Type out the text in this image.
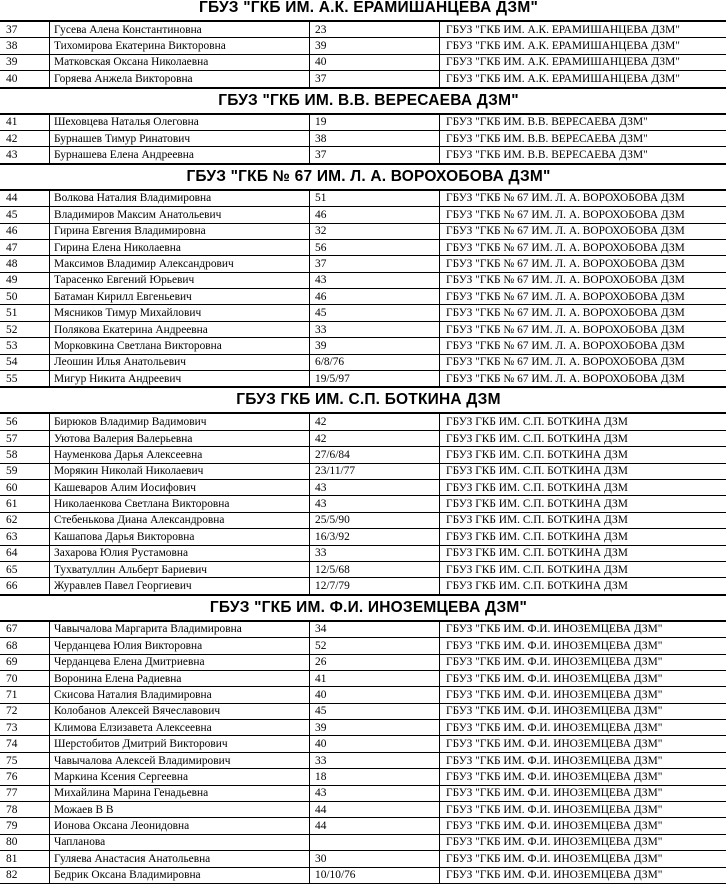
ГБУЗ "ГКБ ИМ. А.К. ЕРАМИШАНЦЕВА ДЗМ"			
37	Гусева Алена Константиновна	23	ГБУЗ "ГКБ ИМ. А.К. ЕРАМИШАНЦЕВА ДЗМ"
38	Тихомирова Екатерина Викторовна	39	ГБУЗ "ГКБ ИМ. А.К. ЕРАМИШАНЦЕВА ДЗМ"
39	Матковская Оксана Николаевна	40	ГБУЗ "ГКБ ИМ. А.К. ЕРАМИШАНЦЕВА ДЗМ"
40	Горяева Анжела Викторовна	37	ГБУЗ "ГКБ ИМ. А.К. ЕРАМИШАНЦЕВА ДЗМ"
ГБУЗ "ГКБ ИМ. В.В. ВЕРЕСАЕВА ДЗМ"			
41	Шеховцева Наталья Олеговна	19	ГБУЗ "ГКБ ИМ. В.В. ВЕРЕСАЕВА ДЗМ"
42	Бурнашев Тимур Ринатович	38	ГБУЗ "ГКБ ИМ. В.В. ВЕРЕСАЕВА ДЗМ"
43	Бурнашева Елена Андреевна	37	ГБУЗ "ГКБ ИМ. В.В. ВЕРЕСАЕВА ДЗМ"
ГБУЗ "ГКБ № 67 ИМ. Л. А. ВОРОХОБОВА ДЗМ"			
44	Волкова Наталия Владимировна	51	ГБУЗ "ГКБ № 67 ИМ. Л. А. ВОРОХОБОВА ДЗМ
45	Владимиров Максим Анатольевич	46	ГБУЗ "ГКБ № 67 ИМ. Л. А. ВОРОХОБОВА ДЗМ
46	Гирина Евгения Владимировна	32	ГБУЗ "ГКБ № 67 ИМ. Л. А. ВОРОХОБОВА ДЗМ
47	Гирина Елена Николаевна	56	ГБУЗ "ГКБ № 67 ИМ. Л. А. ВОРОХОБОВА ДЗМ
48	Максимов Владимир Александрович	37	ГБУЗ "ГКБ № 67 ИМ. Л. А. ВОРОХОБОВА ДЗМ
49	Тарасенко Евгений Юрьевич	43	ГБУЗ "ГКБ № 67 ИМ. Л. А. ВОРОХОБОВА ДЗМ
50	Батаман Кирилл Евгеньевич	46	ГБУЗ "ГКБ № 67 ИМ. Л. А. ВОРОХОБОВА ДЗМ
51	Мясников Тимур Михайлович	45	ГБУЗ "ГКБ № 67 ИМ. Л. А. ВОРОХОБОВА ДЗМ
52	Полякова Екатерина Андреевна	33	ГБУЗ "ГКБ № 67 ИМ. Л. А. ВОРОХОБОВА ДЗМ
53	Морковкина Светлана Викторовна	39	ГБУЗ "ГКБ № 67 ИМ. Л. А. ВОРОХОБОВА ДЗМ
54	Леошин Илья Анатольевич	6/8/76	ГБУЗ "ГКБ № 67 ИМ. Л. А. ВОРОХОБОВА ДЗМ
55	Мигур Никита Андреевич	19/5/97	ГБУЗ "ГКБ № 67 ИМ. Л. А. ВОРОХОБОВА ДЗМ
ГБУЗ ГКБ ИМ. С.П. БОТКИНА ДЗМ			
56	Бирюков Владимир Вадимович	42	ГБУЗ ГКБ ИМ. С.П. БОТКИНА ДЗМ
57	Уютова Валерия Валерьевна	42	ГБУЗ ГКБ ИМ. С.П. БОТКИНА ДЗМ
58	Науменкова Дарья Алексеевна	27/6/84	ГБУЗ ГКБ ИМ. С.П. БОТКИНА ДЗМ
59	Морякин Николай Николаевич	23/11/77	ГБУЗ ГКБ ИМ. С.П. БОТКИНА ДЗМ
60	Кашеваров Алим Иосифович	43	ГБУЗ ГКБ ИМ. С.П. БОТКИНА ДЗМ
61	Николаенкова Светлана Викторовна	43	ГБУЗ ГКБ ИМ. С.П. БОТКИНА ДЗМ
62	Стебенькова Диана Александровна	25/5/90	ГБУЗ ГКБ ИМ. С.П. БОТКИНА ДЗМ
63	Кашапова Дарья Викторовна	16/3/92	ГБУЗ ГКБ ИМ. С.П. БОТКИНА ДЗМ
64	Захарова Юлия Рустамовна	33	ГБУЗ ГКБ ИМ. С.П. БОТКИНА ДЗМ
65	Тухватуллин Альберт Бариевич	12/5/68	ГБУЗ ГКБ ИМ. С.П. БОТКИНА ДЗМ
66	Журавлев Павел Георгиевич	12/7/79	ГБУЗ ГКБ ИМ. С.П. БОТКИНА ДЗМ
ГБУЗ "ГКБ ИМ. Ф.И. ИНОЗЕМЦЕВА ДЗМ"			
67	Чавычалова Маргарита Владимировна	34	ГБУЗ "ГКБ ИМ. Ф.И. ИНОЗЕМЦЕВА ДЗМ"
68	Черданцева Юлия Викторовна	52	ГБУЗ "ГКБ ИМ. Ф.И. ИНОЗЕМЦЕВА ДЗМ"
69	Черданцева Елена Дмитриевна	26	ГБУЗ "ГКБ ИМ. Ф.И. ИНОЗЕМЦЕВА ДЗМ"
70	Воронина Елена Радиевна	41	ГБУЗ "ГКБ ИМ. Ф.И. ИНОЗЕМЦЕВА ДЗМ"
71	Скисова Наталия Владимировна	40	ГБУЗ "ГКБ ИМ. Ф.И. ИНОЗЕМЦЕВА ДЗМ"
72	Колобанов Алексей Вячеславович	45	ГБУЗ "ГКБ ИМ. Ф.И. ИНОЗЕМЦЕВА ДЗМ"
73	Климова Елзизавета Алексеевна	39	ГБУЗ "ГКБ ИМ. Ф.И. ИНОЗЕМЦЕВА ДЗМ"
74	Шерстобитов Дмитрий Викторович	40	ГБУЗ "ГКБ ИМ. Ф.И. ИНОЗЕМЦЕВА ДЗМ"
75	Чавычалова Алексей Владимирович	33	ГБУЗ "ГКБ ИМ. Ф.И. ИНОЗЕМЦЕВА ДЗМ"
76	Маркина Ксения Сергеевна	18	ГБУЗ "ГКБ ИМ. Ф.И. ИНОЗЕМЦЕВА ДЗМ"
77	Михайлина Марина Генадьевна	43	ГБУЗ "ГКБ ИМ. Ф.И. ИНОЗЕМЦЕВА ДЗМ"
78	Можаев В В	44	ГБУЗ "ГКБ ИМ. Ф.И. ИНОЗЕМЦЕВА ДЗМ"
79	Ионова Оксана Леонидовна	44	ГБУЗ "ГКБ ИМ. Ф.И. ИНОЗЕМЦЕВА ДЗМ"
80	Чапланова		ГБУЗ "ГКБ ИМ. Ф.И. ИНОЗЕМЦЕВА ДЗМ"
81	Гуляева Анастасия Анатольевна	30	ГБУЗ "ГКБ ИМ. Ф.И. ИНОЗЕМЦЕВА ДЗМ"
82	Бедрик Оксана Владимировна	10/10/76	ГБУЗ "ГКБ ИМ. Ф.И. ИНОЗЕМЦЕВА ДЗМ"
